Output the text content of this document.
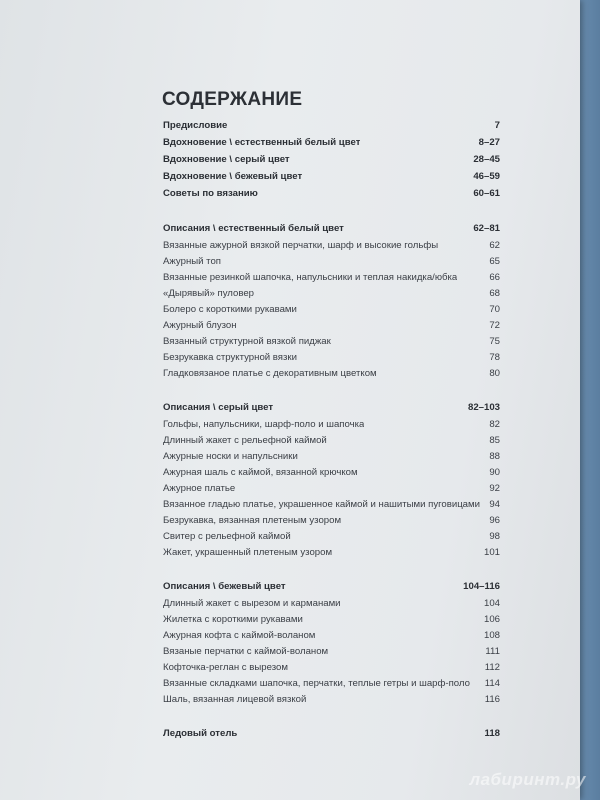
СОДЕРЖАНИЕ
Предисловие	7
Вдохновение \ естественный белый цвет	8–27
Вдохновение \ серый цвет	28–45
Вдохновение \ бежевый цвет	46–59
Советы по вязанию	60–61
Описания \ естественный белый цвет	62–81
Вязанные ажурной вязкой перчатки, шарф и высокие гольфы	62
Ажурный топ	65
Вязанные резинкой шапочка, напульсники и теплая накидка/юбка	66
«Дырявый» пуловер	68
Болеро с короткими рукавами	70
Ажурный блузон	72
Вязанный структурной вязкой пиджак	75
Безрукавка структурной вязки	78
Гладковязаное платье с декоративным цветком	80
Описания \ серый цвет	82–103
Гольфы, напульсники, шарф-поло и шапочка	82
Длинный жакет с рельефной каймой	85
Ажурные носки и напульсники	88
Ажурная шаль с каймой, вязанной крючком	90
Ажурное платье	92
Вязанное гладью платье, украшенное каймой и нашитыми пуговицами 94
Безрукавка, вязанная плетеным узором	96
Свитер с рельефной каймой	98
Жакет, украшенный плетеным узором	101
Описания \ бежевый цвет	104–116
Длинный жакет с вырезом и карманами	104
Жилетка с короткими рукавами	106
Ажурная кофта с каймой-воланом	108
Вязаные перчатки с каймой-воланом	111
Кофточка-реглан с вырезом	112
Вязанные складками шапочка, перчатки, теплые гетры и шарф-поло	114
Шаль, вязанная лицевой вязкой	116
Ледовый отель	118
лабиринт.ру
